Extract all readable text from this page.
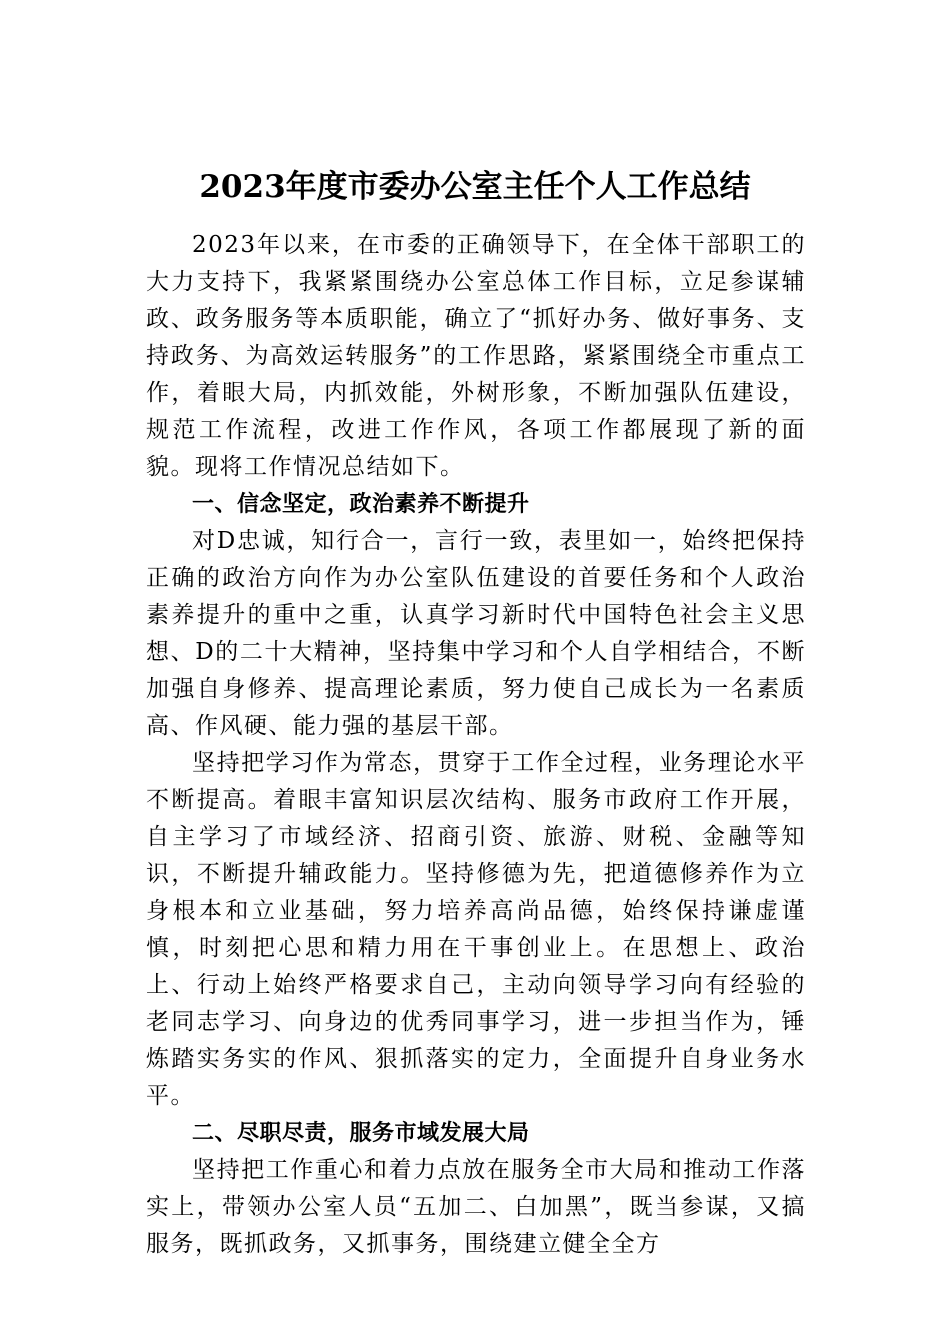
2023年度市委办公室主任个人工作总结

2023年以来，在市委的正确领导下，在全体干部职工的大力支持下，我紧紧围绕办公室总体工作目标，立足参谋辅政、政务服务等本质职能，确立了“抓好办务、做好事务、支持政务、为高效运转服务”的工作思路，紧紧围绕全市重点工作，着眼大局，内抓效能，外树形象，不断加强队伍建设，规范工作流程，改进工作作风，各项工作都展现了新的面貌。现将工作情况总结如下。

一、信念坚定，政治素养不断提升

对D忠诚，知行合一，言行一致，表里如一，始终把保持正确的政治方向作为办公室队伍建设的首要任务和个人政治素养提升的重中之重，认真学习新时代中国特色社会主义思想、D的二十大精神，坚持集中学习和个人自学相结合，不断加强自身修养、提高理论素质，努力使自己成长为一名素质高、作风硬、能力强的基层干部。

坚持把学习作为常态，贯穿于工作全过程，业务理论水平不断提高。着眼丰富知识层次结构、服务市政府工作开展，自主学习了市域经济、招商引资、旅游、财税、金融等知识，不断提升辅政能力。坚持修德为先，把道德修养作为立身根本和立业基础，努力培养高尚品德，始终保持谦虚谨慎，时刻把心思和精力用在干事创业上。在思想上、政治上、行动上始终严格要求自己，主动向领导学习向有经验的老同志学习、向身边的优秀同事学习，进一步担当作为，锤炼踏实务实的作风、狠抓落实的定力，全面提升自身业务水平。

二、尽职尽责，服务市域发展大局

坚持把工作重心和着力点放在服务全市大局和推动工作落实上，带领办公室人员“五加二、白加黑”，既当参谋，又搞服务，既抓政务，又抓事务，围绕建立健全全方
